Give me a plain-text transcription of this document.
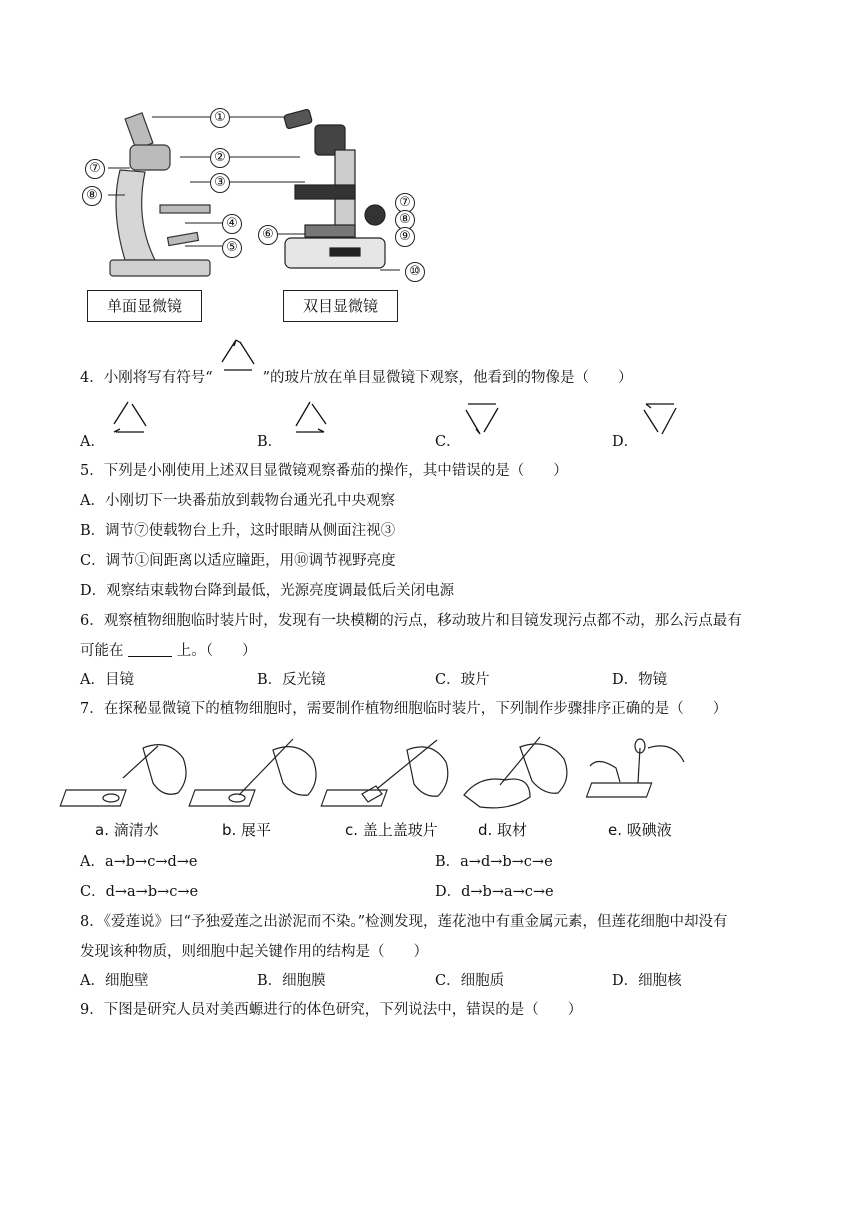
①
②
③
④
⑤
⑦
⑧	⑦
⑧
⑨
⑥
⑩
单面显微镜	双目显微镜
4．小刚将写有符号“	”的玻片放在单目显微镜下观察，他看到的物像是（　　）
A．	B．	C．	D．
5．下列是小刚使用上述双目显微镜观察番茄的操作，其中错误的是（　　）
A．小刚切下一块番茄放到载物台通光孔中央观察
B．调节⑦使载物台上升，这时眼睛从侧面注视③
C．调节①间距离以适应瞳距，用⑩调节视野亮度
D．观察结束载物台降到最低，光源亮度调最低后关闭电源
6．观察植物细胞临时装片时，发现有一块模糊的污点，移动玻片和目镜发现污点都不动，那么污点最有
可能在	上。（　　）
A．目镜	B．反光镜	C．玻片	D．物镜
7．在探秘显微镜下的植物细胞时，需要制作植物细胞临时装片，下列制作步骤排序正确的是（　　）
a. 滴清水	b. 展平	c. 盖上盖玻片	d. 取材	e. 吸碘液
A．a→b→c→d→e	B．a→d→b→c→e
C．d→a→b→c→e	D．d→b→a→c→e
8．《爱莲说》曰“予独爱莲之出淤泥而不染。”检测发现，莲花池中有重金属元素，但莲花细胞中却没有
发现该种物质，则细胞中起关键作用的结构是（　　）
A．细胞壁	B．细胞膜	C．细胞质	D．细胞核
9．下图是研究人员对美西螈进行的体色研究，下列说法中，错误的是（　　）
